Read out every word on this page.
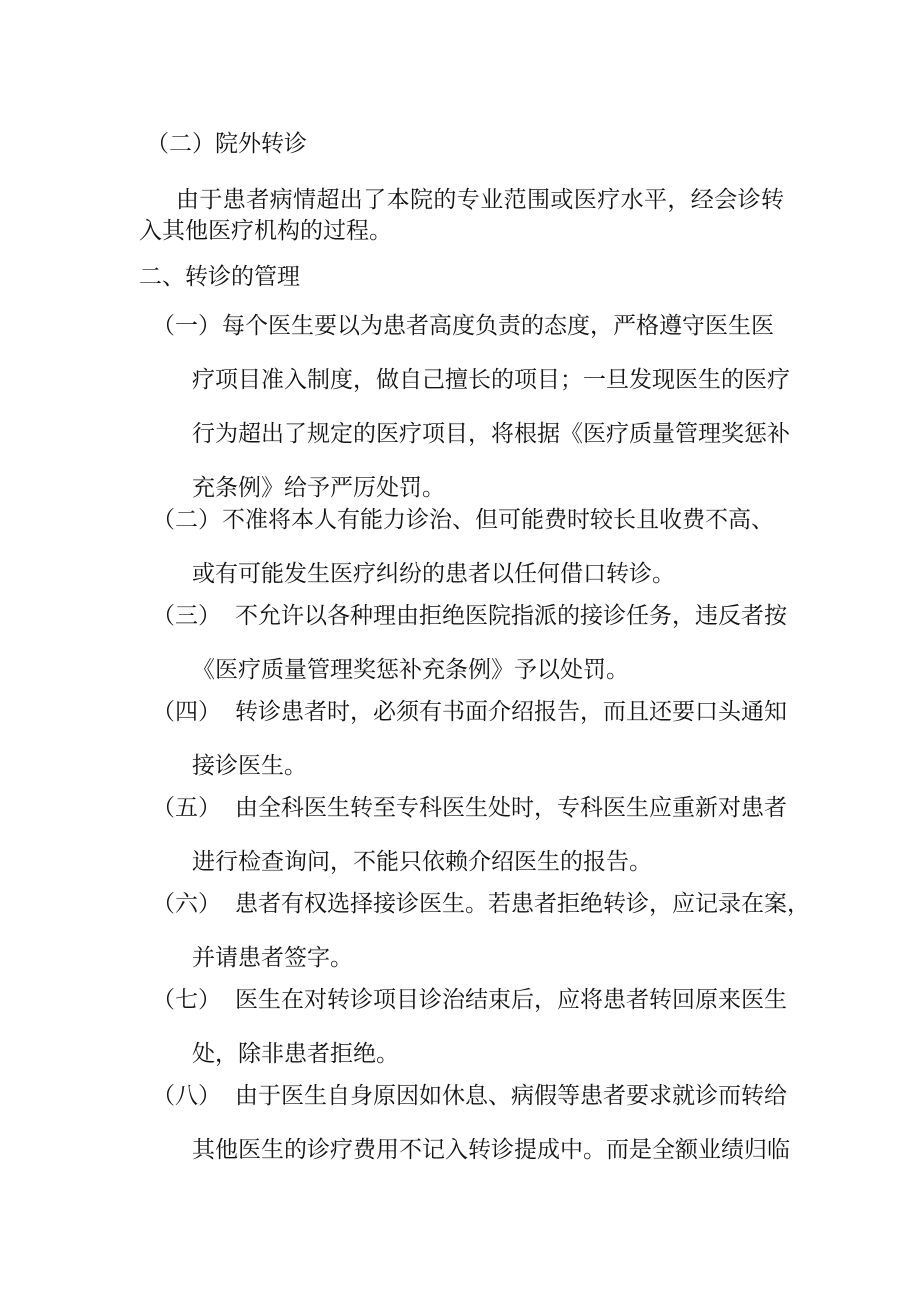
（二）院外转诊

由于患者病情超出了本院的专业范围或医疗水平，经会诊转

入其他医疗机构的过程。

二、转诊的管理

（一） 每个医生要以为患者高度负责的态度，严格遵守医生医
疗项目准入制度，做自己擅长的项目；一旦发现医生的医疗
行为超出了规定的医疗项目，将根据《医疗质量管理奖惩补
充条例》给予严厉处罚。
（二） 不准将本人有能力诊治、但可能费时较长且收费不高、
或有可能发生医疗纠纷的患者以任何借口转诊。
（三） 不允许以各种理由拒绝医院指派的接诊任务，违反者按
《医疗质量管理奖惩补充条例》予以处罚。
（四） 转诊患者时，必须有书面介绍报告，而且还要口头通知
接诊医生。
（五） 由全科医生转至专科医生处时，专科医生应重新对患者
进行检查询问，不能只依赖介绍医生的报告。
（六） 患者有权选择接诊医生。若患者拒绝转诊，应记录在案，
并请患者签字。
（七） 医生在对转诊项目诊治结束后，应将患者转回原来医生
处，除非患者拒绝。
（八） 由于医生自身原因如休息、病假等患者要求就诊而转给
其他医生的诊疗费用不记入转诊提成中。而是全额业绩归临
